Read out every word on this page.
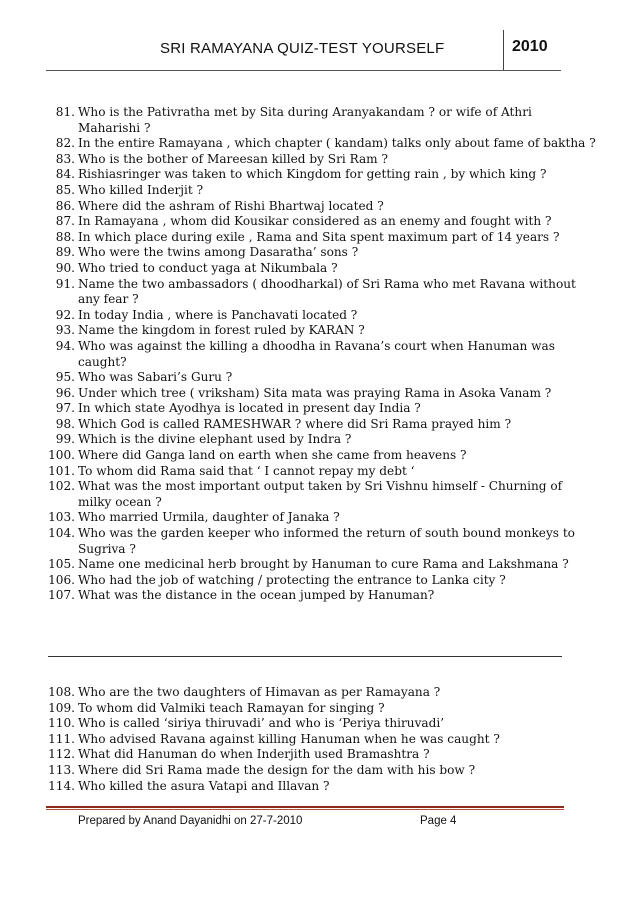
SRI RAMAYANA QUIZ-TEST YOURSELF	2010
81. Who is the Pativratha met by Sita during Aranyakandam ? or wife of Athri
Maharishi ?
82. In the entire Ramayana , which chapter ( kandam) talks only about fame of baktha ?
83. Who is the bother of Mareesan killed by Sri Ram ?
84. Rishiasringer was taken to which Kingdom for getting rain , by which king ?
85. Who killed Inderjit ?
86. Where did the ashram of Rishi Bhartwaj located ?
87. In Ramayana , whom did Kousikar considered as an enemy and fought with ?
88. In which place during exile , Rama and Sita spent maximum part of 14 years ?
89. Who were the twins among Dasaratha’ sons ?
90. Who tried to conduct yaga at Nikumbala ?
91. Name the two ambassadors ( dhoodharkal) of Sri Rama who met Ravana without
any fear ?
92. In today India , where is Panchavati located ?
93. Name the kingdom in forest ruled by KARAN ?
94. Who was against the killing a dhoodha in Ravana’s court when Hanuman was
caught?
95. Who was Sabari’s Guru ?
96. Under which tree ( vriksham) Sita mata was praying Rama in Asoka Vanam ?
97. In which state Ayodhya is located in present day India ?
98. Which God is called RAMESHWAR ? where did Sri Rama prayed him ?
99. Which is the divine elephant used by Indra ?
100. Where did Ganga land on earth when she came from heavens ?
101. To whom did Rama said that ‘ I cannot repay my debt ‘
102. What was the most important output taken by Sri Vishnu himself - Churning of
milky ocean ?
103. Who married Urmila, daughter of Janaka ?
104. Who was the garden keeper who informed the return of south bound monkeys to
Sugriva ?
105. Name one medicinal herb brought by Hanuman to cure Rama and Lakshmana ?
106. Who had the job of watching / protecting the entrance to Lanka city ?
107. What was the distance in the ocean jumped by Hanuman?
108. Who are the two daughters of Himavan as per Ramayana ?
109. To whom did Valmiki teach Ramayan for singing ?
110. Who is called ‘siriya thiruvadi’ and who is ‘Periya thiruvadi’
111. Who advised Ravana against killing Hanuman when he was caught ?
112. What did Hanuman do when Inderjith used Bramashtra ?
113. Where did Sri Rama made the design for the dam with his bow ?
114. Who killed the asura Vatapi and Illavan ?
Prepared by Anand Dayanidhi on 27-7-2010	Page 4
